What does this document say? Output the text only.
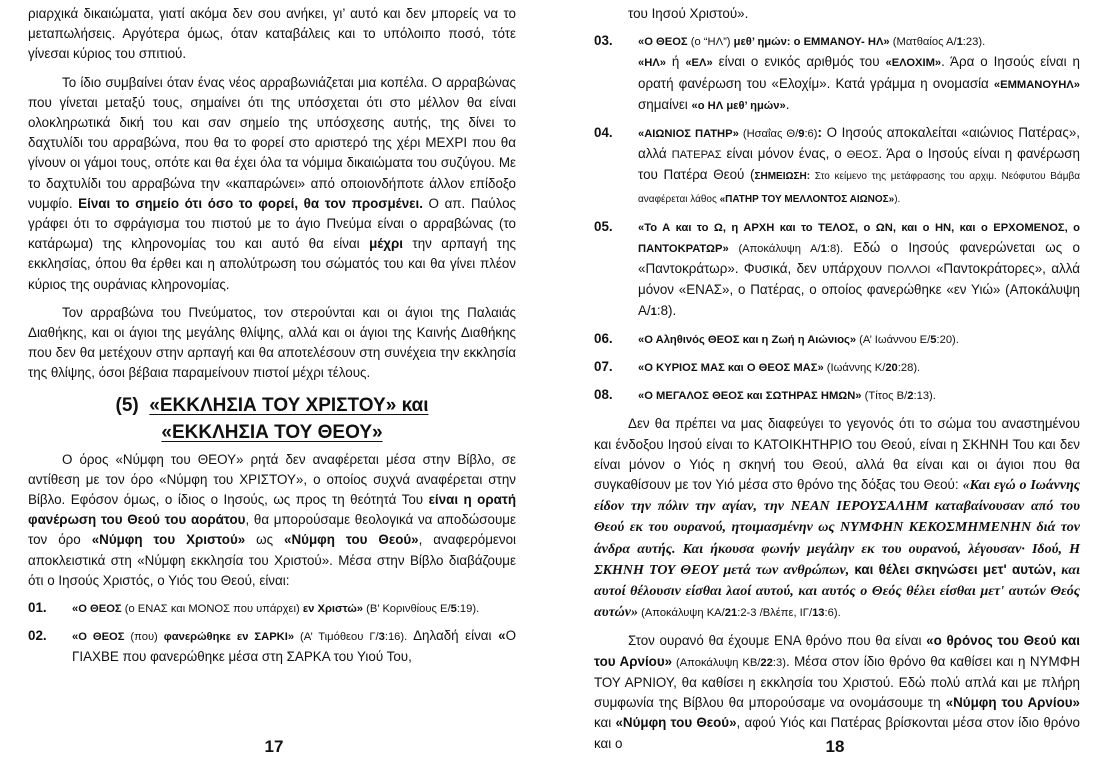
ριαρχικά δικαιώματα, γιατί ακόμα δεν σου ανήκει, γι’ αυτό και δεν μπορείς να το μεταπωλήσεις. Αργότερα όμως, όταν καταβάλεις και το υπόλοιπο ποσό, τότε γίνεσαι κύριος του σπιτιού.

Το ίδιο συμβαίνει όταν ένας νέος αρραβωνιάζεται μια κοπέλα. Ο αρραβώνας που γίνεται μεταξύ τους, σημαίνει ότι της υπόσχεται ότι στο μέλλον θα είναι ολοκληρωτικά δική του και σαν σημείο της υπόσχεσης αυτής, της δίνει το δαχτυλίδι του αρραβώνα, που θα το φορεί στο αριστερό της χέρι ΜΕΧΡΙ που θα γίνουν οι γάμοι τους, οπότε και θα έχει όλα τα νόμιμα δικαιώματα του συζύγου. Με το δαχτυλίδι του αρραβώνα την «καπαρώνει» από οποιονδήποτε άλλον επίδοξο νυμφίο. Είναι το σημείο ότι όσο το φορεί, θα τον προσμένει. Ο απ. Παύλος γράφει ότι το σφράγισμα του πιστού με το άγιο Πνεύμα είναι ο αρραβώνας (το κατάρωμα) της κληρονομίας του και αυτό θα είναι μέχρι την αρπαγή της εκκλησίας, όπου θα έρθει και η απολύτρωση του σώματός του και θα γίνει πλέον κύριος της ουράνιας κληρονομίας.

Τον αρραβώνα του Πνεύματος, τον στερούνται και οι άγιοι της Παλαιάς Διαθήκης, και οι άγιοι της μεγάλης θλίψης, αλλά και οι άγιοι της Καινής Διαθήκης που δεν θα μετέχουν στην αρπαγή και θα αποτελέσουν στη συνέχεια την εκκλησία της θλίψης, όσοι βέβαια παραμείνουν πιστοί μέχρι τέλους.

(5) «ΕΚΚΛΗΣΙΑ ΤΟΥ ΧΡΙΣΤΟΥ» και
«ΕΚΚΛΗΣΙΑ ΤΟΥ ΘΕΟΥ»

Ο όρος «Νύμφη του ΘΕΟΥ» ρητά δεν αναφέρεται μέσα στην Βίβλο, σε αντίθεση με τον όρο «Νύμφη του ΧΡΙΣΤΟΥ», ο οποίος συχνά αναφέρεται στην Βίβλο. Εφόσον όμως, ο ίδιος ο Ιησούς, ως προς τη θεότητά Του είναι η ορατή φανέρωση του Θεού του αοράτου, θα μπορούσαμε θεολογικά να αποδώσουμε τον όρο «Νύμφη του Χριστού» ως «Νύμφη του Θεού», αναφερόμενοι αποκλειστικά στη «Νύμφη εκκλησία του Χριστού». Μέσα στην Βίβλο διαβάζουμε ότι ο Ιησούς Χριστός, ο Υιός του Θεού, είναι:

01.	«Ο ΘΕΟΣ (ο ΕΝΑΣ και ΜΟΝΟΣ που υπάρχει) εν Χριστώ» (Β’ Κορινθίους Ε/5:19).
02.	«Ο ΘΕΟΣ (που) φανερώθηκε εν ΣΑΡΚΙ» (Α’ Τιμόθεου Γ/3:16). Δηλαδή είναι «Ο ΓΙΑΧΒΕ που φανερώθηκε μέσα στη ΣΑΡΚΑ του Υιού Του,
17

του Ιησού Χριστού».

03.	«Ο ΘΕΟΣ (ο “ΗΛ”) μεθ’ ημών: ο ΕΜΜΑΝΟΥ- ΗΛ» (Ματθαίος Α/1:23).
«ΗΛ» ή «ΕΛ» είναι ο ενικός αριθμός του «ΕΛΟΧΙΜ». Άρα ο Ιησούς είναι η ορατή φανέρωση του «Ελοχίμ». Κατά γράμμα η ονομασία «ΕΜΜΑΝΟΥΗΛ» σημαίνει «ο ΗΛ μεθ’ ημών».
04.	«ΑΙΩΝΙΟΣ ΠΑΤΗΡ» (Ησαΐας Θ/9:6): Ο Ιησούς αποκαλείται «αιώνιος Πατέρας», αλλά ΠΑΤΕΡΑΣ είναι μόνον ένας, ο ΘΕΟΣ. Άρα ο Ιησούς είναι η φανέρωση του Πατέρα Θεού (ΣΗΜΕΙΩΣΗ: Στο κείμενο της μετάφρασης του αρχιμ. Νεόφυτου Βάμβα αναφέρεται λάθος «ΠΑΤΗΡ ΤΟΥ ΜΕΛΛΟΝΤΟΣ ΑΙΩΝΟΣ»).
05.	«Το Α και το Ω, η ΑΡΧΗ και το ΤΕΛΟΣ, ο ΩΝ, και ο ΗΝ, και ο ΕΡΧΟΜΕΝΟΣ, ο ΠΑΝΤΟΚΡΑΤΩΡ» (Αποκάλυψη Α/1:8). Εδώ ο Ιησούς φανερώνεται ως ο «Παντοκράτωρ». Φυσικά, δεν υπάρχουν ΠΟΛΛΟΙ «Παντοκράτορες», αλλά μόνον «ΕΝΑΣ», ο Πατέρας, ο οποίος φανερώθηκε «εν Υιώ» (Αποκάλυψη Α/1:8).
06.	«Ο Αληθινός ΘΕΟΣ και η Ζωή η Αιώνιος» (Α’ Ιωάννου Ε/5:20).
07.	«Ο ΚΥΡΙΟΣ ΜΑΣ και Ο ΘΕΟΣ ΜΑΣ» (Ιωάννης Κ/20:28).
08.	«Ο ΜΕΓΑΛΟΣ ΘΕΟΣ και ΣΩΤΗΡΑΣ ΗΜΩΝ» (Τίτος Β/2:13).

Δεν θα πρέπει να μας διαφεύγει το γεγονός ότι το σώμα του αναστημένου και ένδοξου Ιησού είναι το ΚΑΤΟΙΚΗΤΗΡΙΟ του Θεού, είναι η ΣΚΗΝΗ Του και δεν είναι μόνον ο Υιός η σκηνή του Θεού, αλλά θα είναι και οι άγιοι που θα συγκαθίσουν με τον Υιό μέσα στο θρόνο της δόξας του Θεού: «Και εγώ ο Ιωάννης είδον την πόλιν την αγίαν, την ΝΕΑΝ ΙΕΡΟΥΣΑΛΗΜ καταβαίνουσαν από του Θεού εκ του ουρανού, ητοιμασμένην ως ΝΥΜΦΗΝ ΚΕΚΟΣΜΗΜΕΝΗΝ διά τον άνδρα αυτής. Και ήκουσα φωνήν μεγάλην εκ του ουρανού, λέγουσαν· Ιδού, Η ΣΚΗΝΗ ΤΟΥ ΘΕΟΥ μετά των ανθρώπων, και θέλει σκηνώσει μετ' αυτών, και αυτοί θέλουσιν είσθαι λαοί αυτού, και αυτός ο Θεός θέλει είσθαι μετ' αυτών Θεός αυτών» (Αποκάλυψη ΚΑ/21:2-3 /Βλέπε, ΙΓ/13:6).

Στον ουρανό θα έχουμε ΕΝΑ θρόνο που θα είναι «ο θρόνος του Θεού και του Αρνίου» (Αποκάλυψη ΚΒ/22:3). Μέσα στον ίδιο θρόνο θα καθίσει και η ΝΥΜΦΗ ΤΟΥ ΑΡΝΙΟΥ, θα καθίσει η εκκλησία του Χριστού. Εδώ πολύ απλά και με πλήρη συμφωνία της Βίβλου θα μπορούσαμε να ονομάσουμε τη «Νύμφη του Αρνίου» και «Νύμφη του Θεού», αφού Υιός και Πατέρας βρίσκονται μέσα στον ίδιο θρόνο και ο	18
